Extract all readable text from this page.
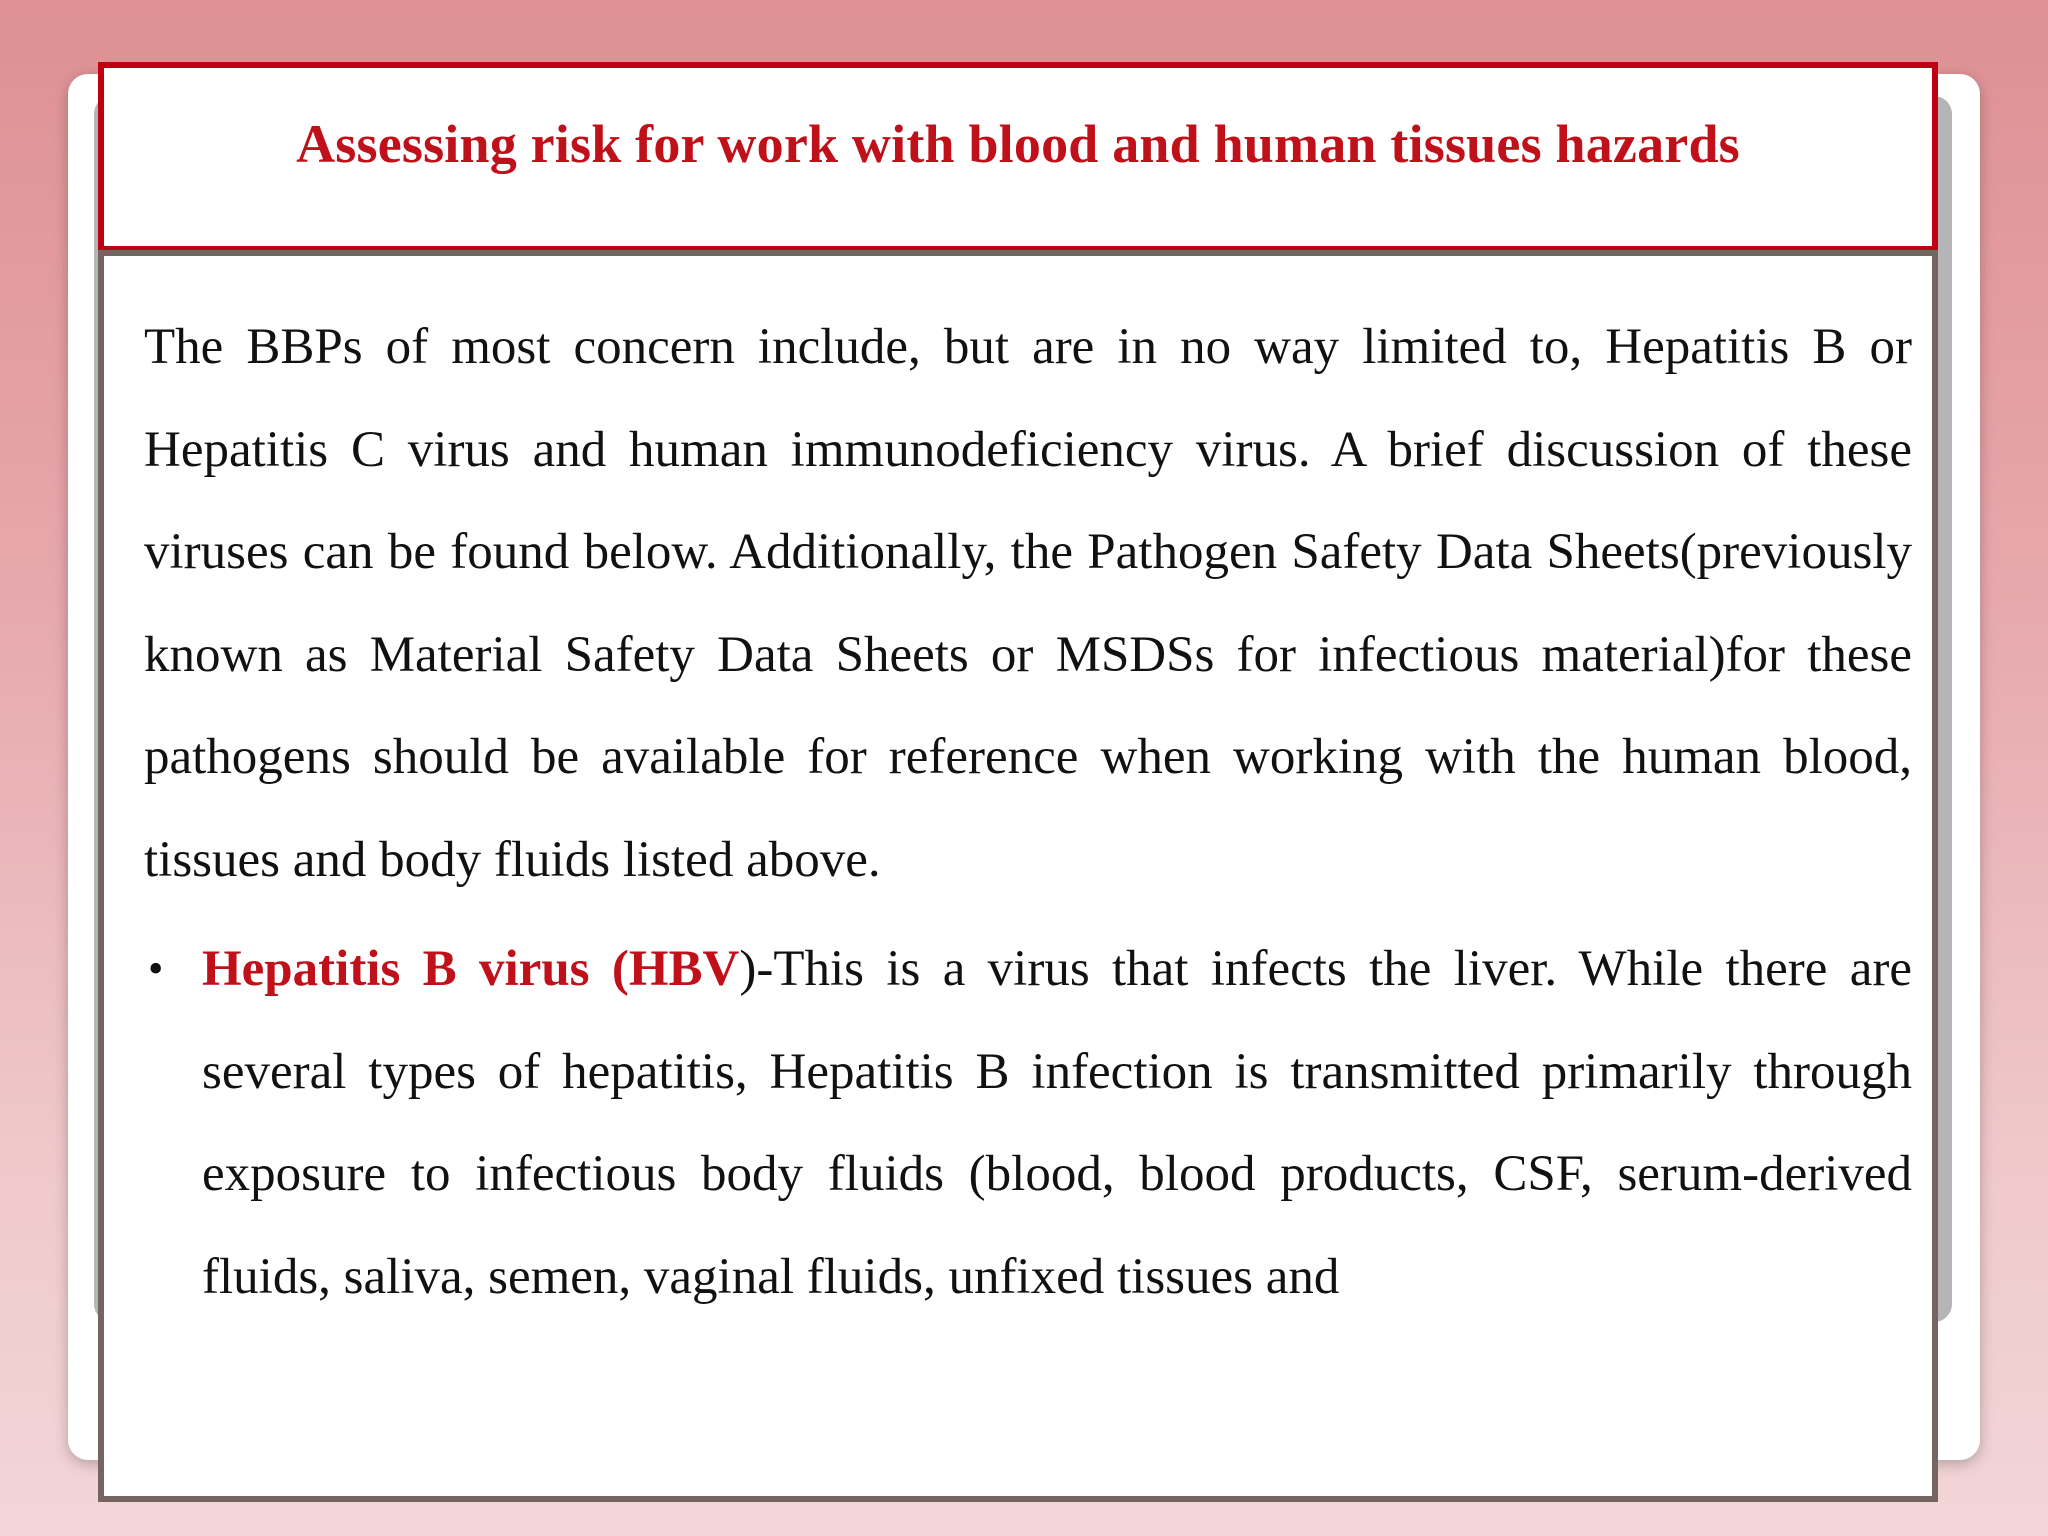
Assessing risk for work with blood and human tissues hazards

The BBPs of most concern include, but are in no way limited to, Hepatitis B or Hepatitis C virus and human immunodeficiency virus. A brief discussion of these viruses can be found below. Additionally, the Pathogen Safety Data Sheets(previously known as Material Safety Data Sheets or MSDSs for infectious material)for these pathogens should be available for reference when working with the human blood, tissues and body fluids listed above.

• Hepatitis B virus (HBV)-This is a virus that infects the liver. While there are several types of hepatitis, Hepatitis B infection is transmitted primarily through exposure to infectious body fluids (blood, blood products, CSF, serum-derived fluids, saliva, semen, vaginal fluids, unfixed tissues and
